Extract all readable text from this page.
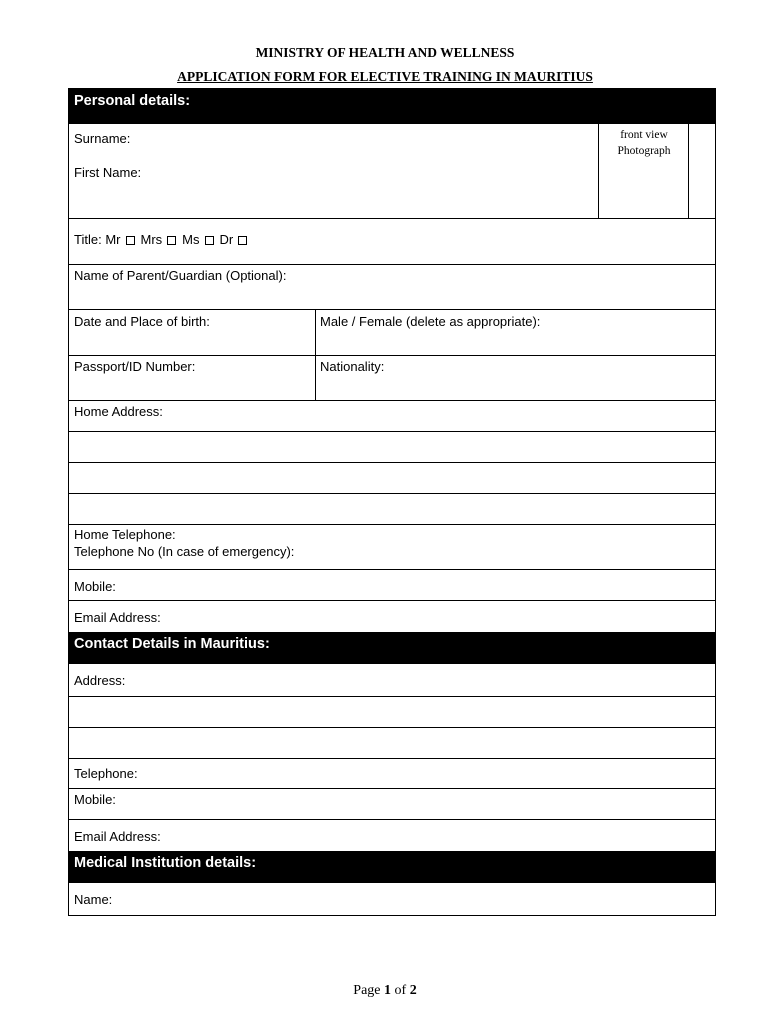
MINISTRY OF HEALTH AND WELLNESS
APPLICATION FORM FOR ELECTIVE TRAINING IN MAURITIUS
Personal details:
Surname:
First Name:
front view
Photograph
Title: Mr Mrs Ms Dr
Name of Parent/Guardian (Optional):
Date and Place of birth:	Male / Female (delete as appropriate):
Passport/ID Number:	Nationality:
Home Address:
Home Telephone:
Telephone No (In case of emergency):
Mobile:
Email Address:
Contact Details in Mauritius:
Address:
Telephone:
Mobile:
Email Address:
Medical Institution details:
Name:
Page 1 of 2
